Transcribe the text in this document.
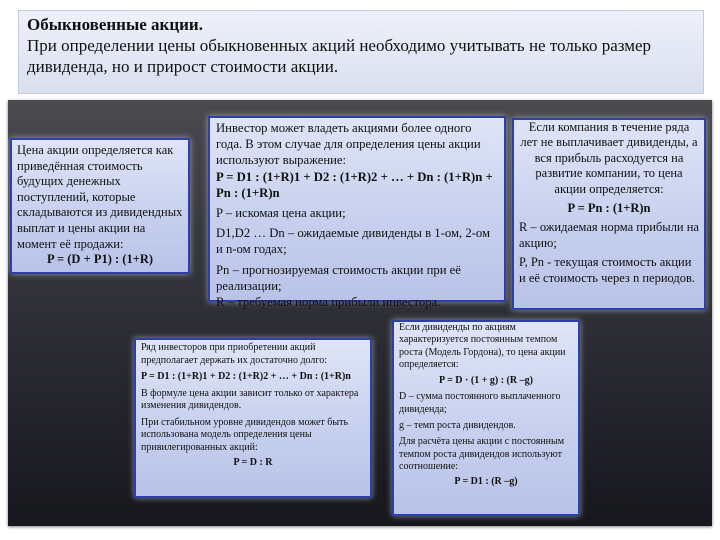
Обыкновенные акции.
При определении цены обыкновенных акций необходимо учитывать не только размер дивиденда, но и прирост стоимости акции.

Цена акции определяется как приведённая стоимость будущих денежных поступлений, которые складываются из дивидендных выплат и цены акции на момент её продажи:

P = (D + P1) : (1+R)

Инвестор может владеть акциями более одного года. В этом случае для определения цены акции используют выражение:

P = D1 : (1+R)1 + D2 : (1+R)2 + … + Dn : (1+R)n + Pn : (1+R)n

P – искомая цена акции;

D1,D2 … Dn – ожидаемые дивиденды в 1-ом, 2-ом и n-ом годах;

Pn – прогнозируемая стоимость акции при её реализации;

R – требуемая норма прибыли инвестора.

Если компания в течение ряда лет не выплачивает дивиденды, а вся прибыль расходуется на развитие компании, то цена акции определяется:

P = Pn : (1+R)n

R – ожидаемая норма прибыли на акцию;

P, Pn - текущая стоимость акции и её стоимость через n периодов.

Ряд инвесторов при приобретении акций предполагает держать их достаточно долго:

P = D1 : (1+R)1 + D2 : (1+R)2 + … + Dn : (1+R)n

В формуле цена акции зависит только от характера изменения дивидендов.

При стабильном уровне дивидендов может быть использована модель определения цены привилегированных акций:

P = D : R

Если дивиденды по акциям характеризуется постоянным темпом роста (Модель Гордона), то цена акции определяется:

P = D · (1 + g) : (R –g)

D – сумма постоянного выплаченного дивиденда;

g – темп роста дивидендов.

Для расчёта цены акции с постоянным темпом роста дивидендов используют соотношение:

P = D1 : (R –g)
